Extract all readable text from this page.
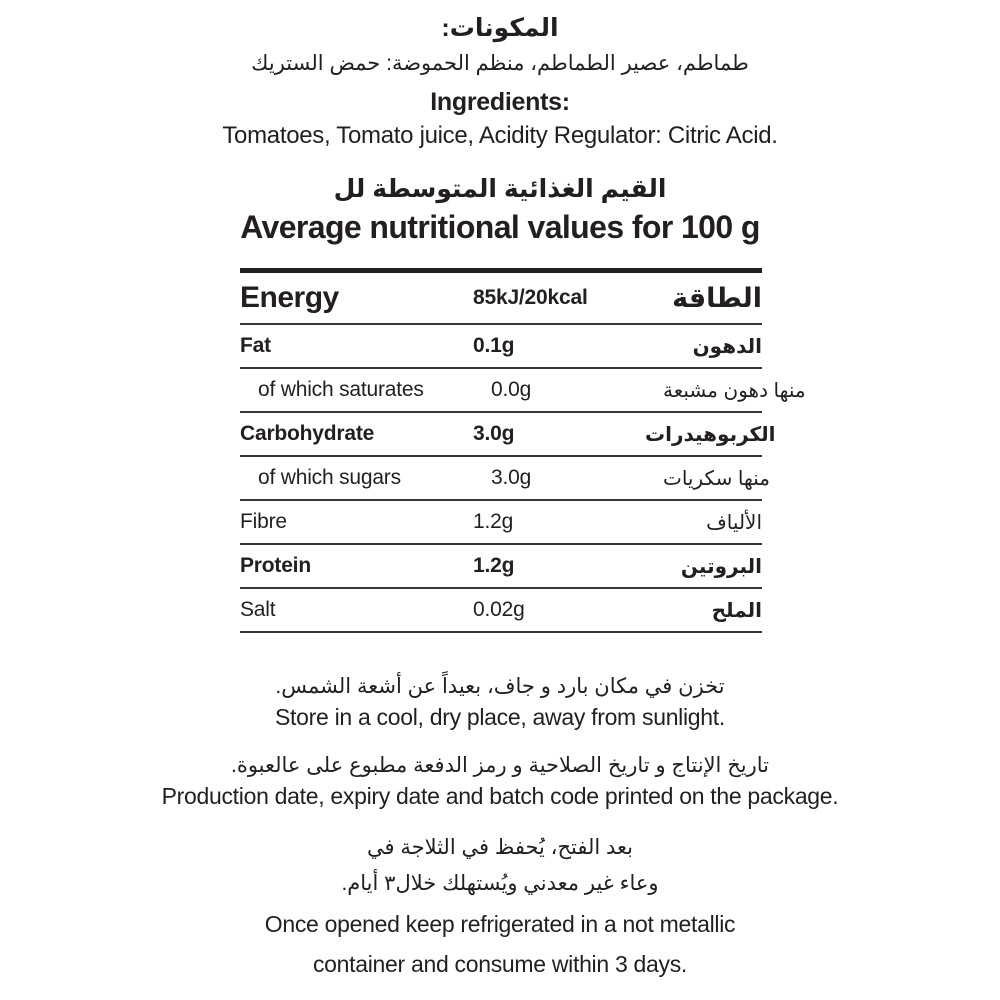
المكونات:
طماطم، عصير الطماطم، منظم الحموضة: حمض الستريك
Ingredients:
Tomatoes, Tomato juice, Acidity Regulator: Citric Acid.
القيم الغذائية المتوسطة لل
Average nutritional values for 100 g
Energy	85kJ/20kcal	الطاقة
Fat	0.1g	الدهون
of which saturates	0.0g	منها دهون مشبعة
Carbohydrate	3.0g	الكربوهيدرات
of which sugars	3.0g	منها سكريات
Fibre	1.2g	الألياف
Protein	1.2g	البروتين
Salt	0.02g	الملح
تخزن في مكان بارد و جاف، بعيداً عن أشعة الشمس.
Store in a cool, dry place, away from sunlight.
تاريخ الإنتاج و تاريخ الصلاحية و رمز الدفعة مطبوع على عالعبوة.
Production date, expiry date and batch code printed on the package.
بعد الفتح، يُحفظ في الثلاجة في
وعاء غير معدني ويُستهلك خلال٣ أيام.
Once opened keep refrigerated in a not metallic
container and consume within 3 days.
